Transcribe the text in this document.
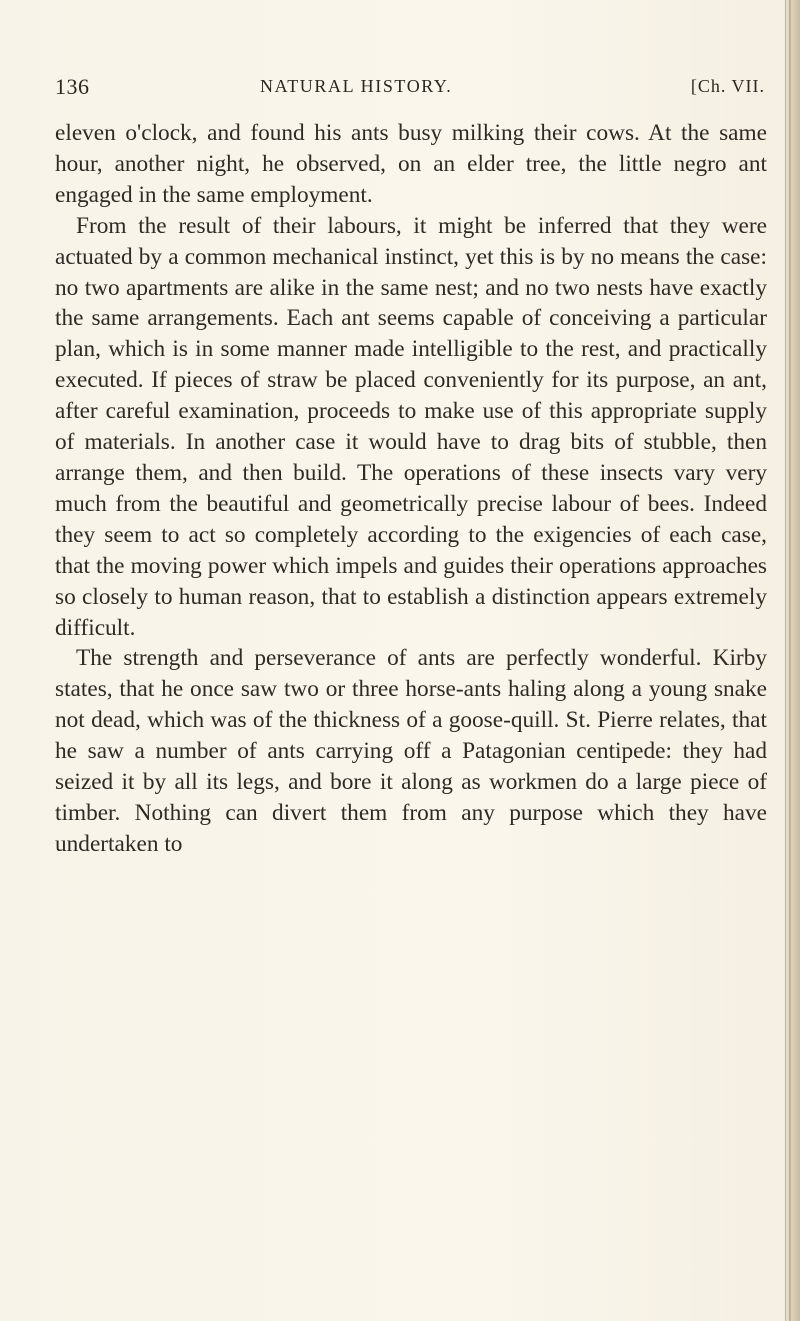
136	NATURAL HISTORY.	[Ch. VII.

eleven o'clock, and found his ants busy milking their cows. At the same hour, another night, he observed, on an elder tree, the little negro ant engaged in the same employment.

From the result of their labours, it might be inferred that they were actuated by a common mechanical instinct, yet this is by no means the case: no two apartments are alike in the same nest; and no two nests have exactly the same arrangements. Each ant seems capable of conceiving a particular plan, which is in some manner made intelligible to the rest, and practically executed. If pieces of straw be placed conveniently for its purpose, an ant, after careful examination, proceeds to make use of this appropriate supply of materials. In another case it would have to drag bits of stubble, then arrange them, and then build. The operations of these insects vary very much from the beautiful and geometrically precise labour of bees. Indeed they seem to act so completely according to the exigencies of each case, that the moving power which impels and guides their operations approaches so closely to human reason, that to establish a distinction appears extremely difficult.

The strength and perseverance of ants are perfectly wonderful. Kirby states, that he once saw two or three horse-ants haling along a young snake not dead, which was of the thickness of a goose-quill. St. Pierre relates, that he saw a number of ants carrying off a Patagonian centipede: they had seized it by all its legs, and bore it along as workmen do a large piece of timber. Nothing can divert them from any purpose which they have undertaken to
